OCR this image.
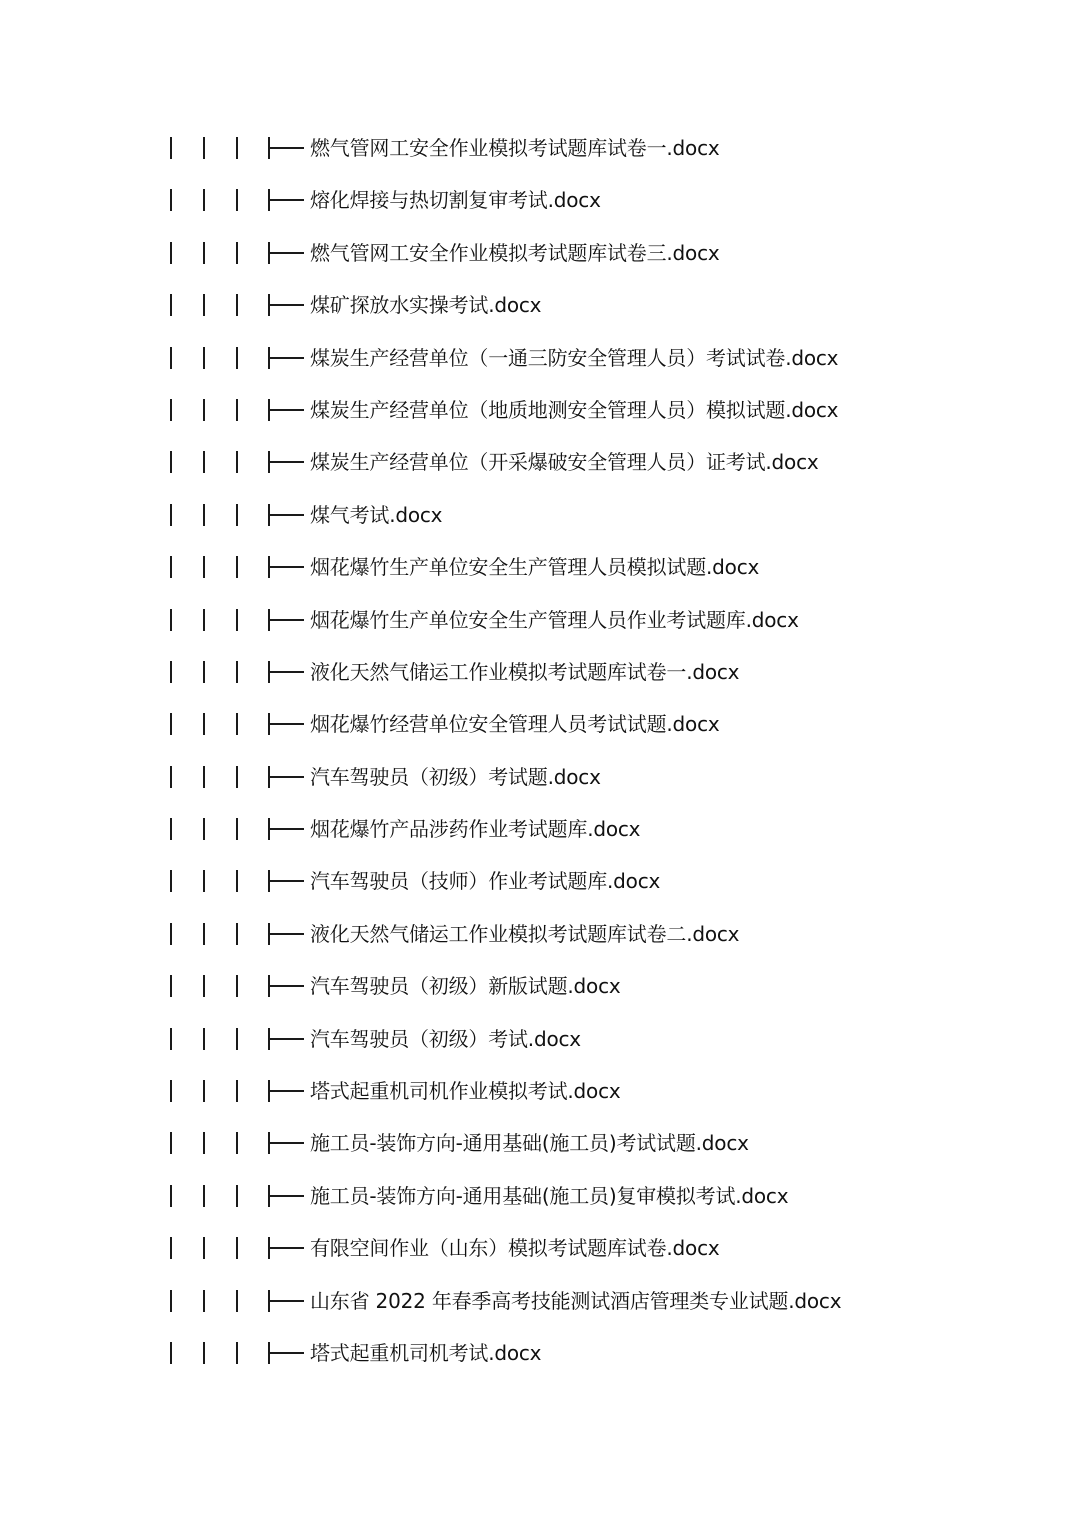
燃气管网工安全作业模拟考试题库试卷一.docx
熔化焊接与热切割复审考试.docx
燃气管网工安全作业模拟考试题库试卷三.docx
煤矿探放水实操考试.docx
煤炭生产经营单位（一通三防安全管理人员）考试试卷.docx
煤炭生产经营单位（地质地测安全管理人员）模拟试题.docx
煤炭生产经营单位（开采爆破安全管理人员）证考试.docx
煤气考试.docx
烟花爆竹生产单位安全生产管理人员模拟试题.docx
烟花爆竹生产单位安全生产管理人员作业考试题库.docx
液化天然气储运工作业模拟考试题库试卷一.docx
烟花爆竹经营单位安全管理人员考试试题.docx
汽车驾驶员（初级）考试题.docx
烟花爆竹产品涉药作业考试题库.docx
汽车驾驶员（技师）作业考试题库.docx
液化天然气储运工作业模拟考试题库试卷二.docx
汽车驾驶员（初级）新版试题.docx
汽车驾驶员（初级）考试.docx
塔式起重机司机作业模拟考试.docx
施工员-装饰方向-通用基础(施工员)考试试题.docx
施工员-装饰方向-通用基础(施工员)复审模拟考试.docx
有限空间作业（山东）模拟考试题库试卷.docx
山东省 2022 年春季高考技能测试酒店管理类专业试题.docx
塔式起重机司机考试.docx
